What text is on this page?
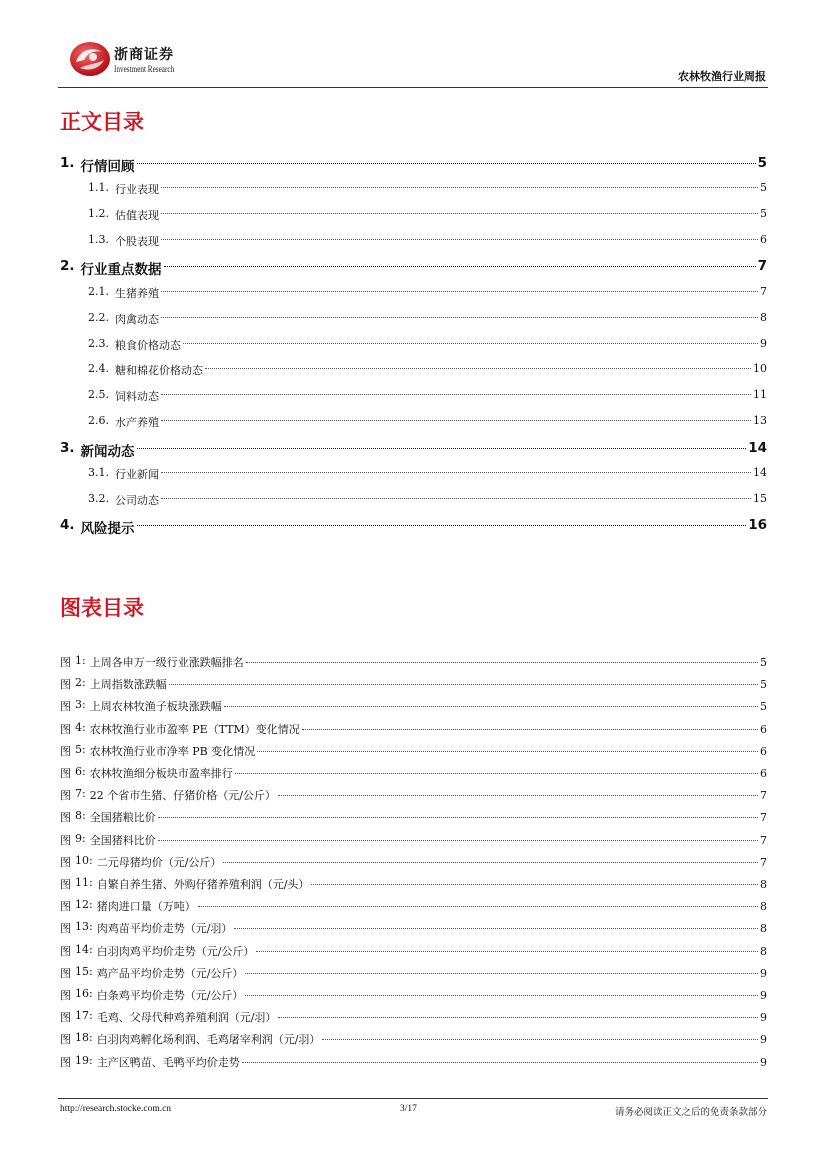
浙商证券
Investment Research
农林牧渔行业周报
正文目录
1. 行情回顾	5
1.1. 行业表现	5
1.2. 估值表现	5
1.3. 个股表现	6
2. 行业重点数据	7
2.1. 生猪养殖	7
2.2. 肉禽动态	8
2.3. 粮食价格动态	9
2.4. 糖和棉花价格动态	10
2.5. 饲料动态	11
2.6. 水产养殖	13
3. 新闻动态	14
3.1. 行业新闻	14
3.2. 公司动态	15
4. 风险提示	16
图表目录
图 1: 上周各申万一级行业涨跌幅排名	5
图 2: 上周指数涨跌幅	5
图 3: 上周农林牧渔子板块涨跌幅	5
图 4: 农林牧渔行业市盈率 PE（TTM）变化情况	6
图 5: 农林牧渔行业市净率 PB 变化情况	6
图 6: 农林牧渔细分板块市盈率排行	6
图 7: 22 个省市生猪、仔猪价格（元/公斤）	7
图 8: 全国猪粮比价	7
图 9: 全国猪料比价	7
图 10: 二元母猪均价（元/公斤）	7
图 11: 自繁自养生猪、外购仔猪养殖利润（元/头）	8
图 12: 猪肉进口量（万吨）	8
图 13: 肉鸡苗平均价走势（元/羽）	8
图 14: 白羽肉鸡平均价走势（元/公斤）	8
图 15: 鸡产品平均价走势（元/公斤）	9
图 16: 白条鸡平均价走势（元/公斤）	9
图 17: 毛鸡、父母代种鸡养殖利润（元/羽）	9
图 18: 白羽肉鸡孵化场利润、毛鸡屠宰利润（元/羽）	9
图 19: 主产区鸭苗、毛鸭平均价走势	9
http://research.stocke.com.cn	3/17	请务必阅读正文之后的免责条款部分
